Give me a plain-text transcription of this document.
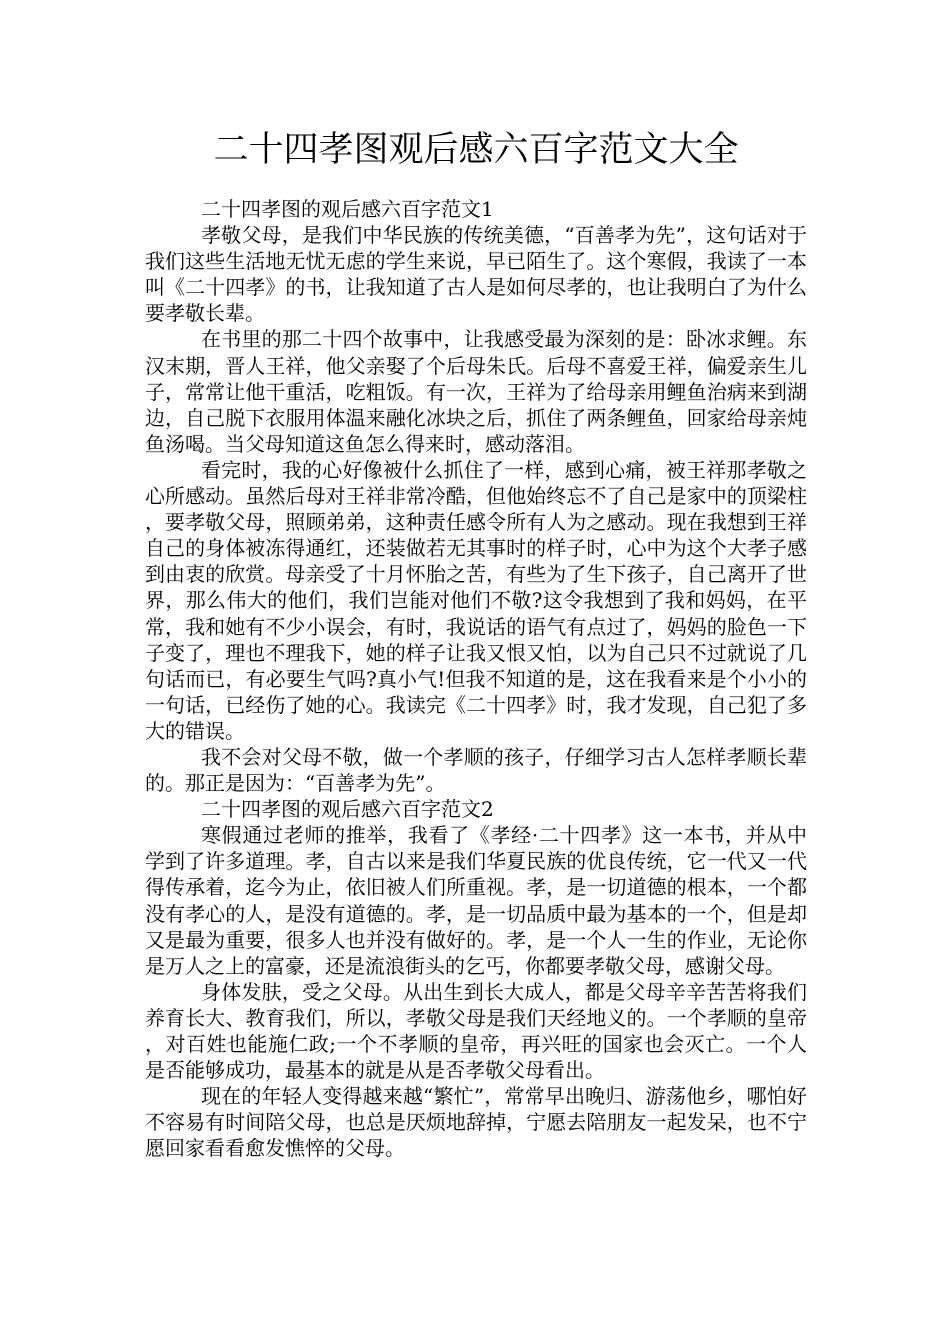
二十四孝图观后感六百字范文大全

二十四孝图的观后感六百字范文1

孝敬父母，是我们中华民族的传统美德，“百善孝为先”，这句话对于我们这些生活地无忧无虑的学生来说，早已陌生了。这个寒假，我读了一本叫《二十四孝》的书，让我知道了古人是如何尽孝的，也让我明白了为什么要孝敬长辈。

在书里的那二十四个故事中，让我感受最为深刻的是：卧冰求鲤。东汉末期，晋人王祥，他父亲娶了个后母朱氏。后母不喜爱王祥，偏爱亲生儿子，常常让他干重活，吃粗饭。有一次，王祥为了给母亲用鲤鱼治病来到湖边，自己脱下衣服用体温来融化冰块之后，抓住了两条鲤鱼，回家给母亲炖鱼汤喝。当父母知道这鱼怎么得来时，感动落泪。

看完时，我的心好像被什么抓住了一样，感到心痛，被王祥那孝敬之心所感动。虽然后母对王祥非常冷酷，但他始终忘不了自己是家中的顶梁柱，要孝敬父母，照顾弟弟，这种责任感令所有人为之感动。现在我想到王祥自己的身体被冻得通红，还装做若无其事时的样子时，心中为这个大孝子感到由衷的欣赏。母亲受了十月怀胎之苦，有些为了生下孩子，自己离开了世界，那么伟大的他们，我们岂能对他们不敬?这令我想到了我和妈妈，在平常，我和她有不少小误会，有时，我说话的语气有点过了，妈妈的脸色一下子变了，理也不理我下，她的样子让我又恨又怕，以为自己只不过就说了几句话而已，有必要生气吗?真小气!但我不知道的是，这在我看来是个小小的一句话，已经伤了她的心。我读完《二十四孝》时，我才发现，自己犯了多大的错误。

我不会对父母不敬，做一个孝顺的孩子，仔细学习古人怎样孝顺长辈的。那正是因为：“百善孝为先”。

二十四孝图的观后感六百字范文2

寒假通过老师的推举，我看了《孝经·二十四孝》这一本书，并从中学到了许多道理。孝，自古以来是我们华夏民族的优良传统，它一代又一代得传承着，迄今为止，依旧被人们所重视。孝，是一切道德的根本，一个都没有孝心的人，是没有道德的。孝，是一切品质中最为基本的一个，但是却又是最为重要，很多人也并没有做好的。孝，是一个人一生的作业，无论你是万人之上的富豪，还是流浪街头的乞丐，你都要孝敬父母，感谢父母。

身体发肤，受之父母。从出生到长大成人，都是父母辛辛苦苦将我们养育长大、教育我们，所以，孝敬父母是我们天经地义的。一个孝顺的皇帝，对百姓也能施仁政;一个不孝顺的皇帝，再兴旺的国家也会灭亡。一个人是否能够成功，最基本的就是从是否孝敬父母看出。

现在的年轻人变得越来越“繁忙”，常常早出晚归、游荡他乡，哪怕好不容易有时间陪父母，也总是厌烦地辞掉，宁愿去陪朋友一起发呆，也不宁愿回家看看愈发憔悴的父母。
